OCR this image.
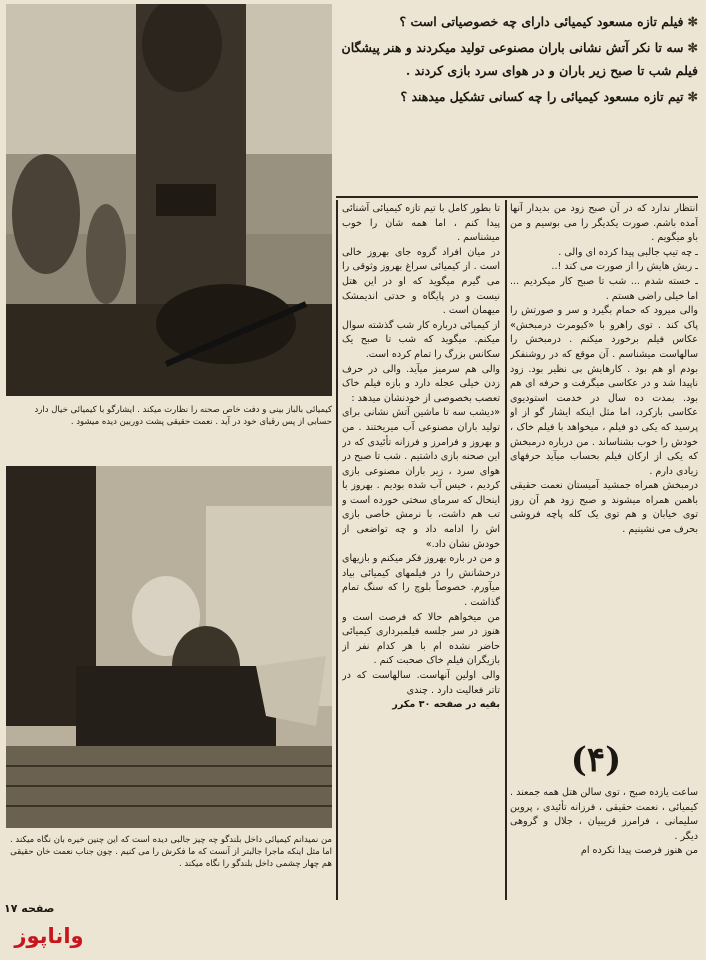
کیمیائی بالباز بینی و دفت خاص صحنه را نظارت میکند . ایشارگو با کیمیائی خیال دارد حسابی از پس رقبای خود در آید . نعمت حقیقی پشت دوربین دیده میشود .
من نمیدانم کیمیائی داخل بلندگو چه چیز جالبی دیده است که این چنین خیره بان نگاه میکند . اما مثل اینکه ماجرا جالبتر از آنست که ما فکرش را می کنیم . چون جناب نعمت خان حقیقی هم چهار چشمی داخل بلندگو را نگاه میکند .

✻فیلم تازه مسعود کیمیائی دارای چه خصوصیاتی است ؟

✻سه تا نکر آتش نشانی باران مصنوعی تولید میکردند و هنر پیشگان فیلم شب تا صبح زیر باران و در هوای سرد بازی کردند .

✻تیم تازه مسعود کیمیائی را چه کسانی تشکیل میدهند ؟

انتظار ندارد که در آن صبح زود من بدیدار آنها آمده باشم. صورت یکدیگر را می بوسیم و من باو میگویم .

ـ چه تیپ جالبی پیدا کرده ای والی .

ـ ریش هایش را از صورت می کند !..

ـ خسته شدم ... شب تا صبح کار میکردیم ... اما خیلی راضی هستم .

والی میرود که حمام بگیرد و سر و صورتش را پاک کند . توی راهرو با «کیومرث درمبخش» عکاس فیلم برخورد میکنم . درمبخش را سالهاست میشناسم . آن موقع که در روشنفکر بودم او هم بود . کارهایش بی نظیر بود. زود ناپیدا شد و در عکاسی میگرفت و حرفه ای هم بود. بمدت ده سال در خدمت استودیوی عکاسی بازکرد، اما مثل اینکه ایشار گو از او پرسید که یکی دو فیلم ، میخواهد با فیلم خاک ، خودش را خوب بشناساند . من درباره درمبخش که یکی از ارکان فیلم بحساب میآید حرفهای زیادی دارم .

درمبخش همراه جمشید آمیستان نعمت حقیقی باهمن همراه میشوند و صبح زود هم آن روز توی خیابان و هم توی یک کله پاچه فروشی بحرف می نشینیم .

(۴)

ساعت یازده صبح ، توی سالن هتل همه جمعند . کیمیائی ، نعمت حقیقی ، فرزانه تأئیدی ، پروین سلیمانی ، فرامرز قریبیان ، جلال و گروهی دیگر .

من هنوز فرصت پیدا نکرده ام

تا بطور کامل با تیم تازه کیمیائی آشنائی پیدا کنم ، اما همه شان را خوب میشناسم .

در میان افراد گروه جای بهروز خالی است . از کیمیائی سراغ بهروز وثوقی را می گیرم میگوید که او در این هتل نیست و در پایگاه و حدتی اندیمشک میهمان است .

از کیمیائی درباره کار شب گذشته سوال میکنم. میگوید که شب تا صبح یک سکانس بزرگ را تمام کرده است.

والی هم سرمیز میآید. والی در حرف زدن خیلی عجله دارد و بازه فیلم خاک تعصب بخصوصی از خودنشان میدهد :

«دیشب سه تا ماشین آتش نشانی برای تولید باران مصنوعی آب میریختند . من و بهروز و فرامرز و فرزانه تأئیدی که در این صحنه بازی داشتیم . شب تا صبح در هوای سرد ، زیر باران مصنوعی بازی کردیم ، خیس آب شده بودیم . بهروز با اینحال که سرمای سختی خورده است و تب هم داشت، با نرمش خاصی بازی اش را ادامه داد و چه تواضعی از خودش نشان داد.»

و من در باره بهروز فکر میکنم و بازیهای درخشانش را در فیلمهای کیمیائی بیاد میآورم. خصوصاً بلوچ را که سنگ تمام گذاشت .

من میخواهم حالا که فرصت است و هنوز در سر جلسه فیلمبرداری کیمیائی حاضر نشده ام با هر کدام نفر از بازیگران فیلم خاک صحبت کنم .

والی اولین آنهاست. سالهاست که در تاتر فعالیت دارد . چندی

بقیه در صفحه ۳۰ مکرر

صفحه ۱۷
واناپوز
